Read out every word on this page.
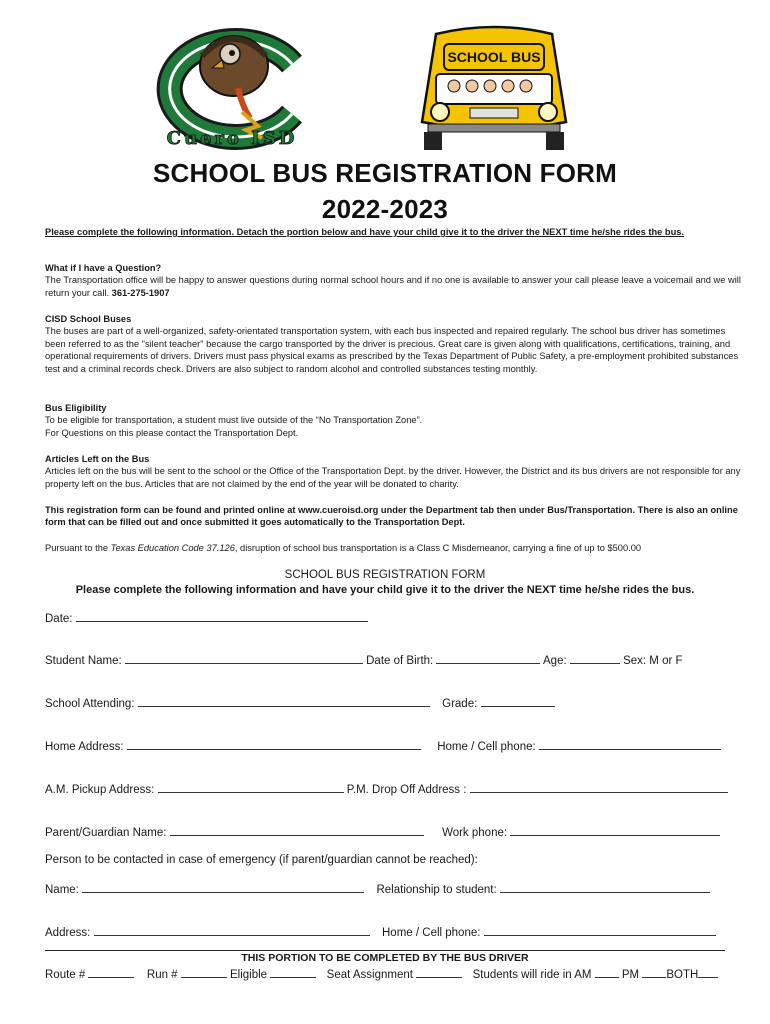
Cuero ISD
SCHOOL BUS
SCHOOL BUS REGISTRATION FORM
2022-2023
Please complete the following information. Detach the portion below and have your child give it to the driver the NEXT time he/she rides the bus.
What if I have a Question?
The Transportation office will be happy to answer questions during normal school hours and if no one is available to answer your call please leave a voicemail and we will return your call. 361-275-1907
CISD School Buses
The buses are part of a well-organized, safety-orientated transportation system, with each bus inspected and repaired regularly. The school bus driver has sometimes been referred to as the "silent teacher" because the cargo transported by the driver is precious. Great care is given along with qualifications, certifications, training, and operational requirements of drivers. Drivers must pass physical exams as prescribed by the Texas Department of Public Safety, a pre-employment prohibited substances test and a criminal records check. Drivers are also subject to random alcohol and controlled substances testing monthly.
Bus Eligibility
To be eligible for transportation, a student must live outside of the “No Transportation Zone”.
For Questions on this please contact the Transportation Dept.
Articles Left on the Bus
Articles left on the bus will be sent to the school or the Office of the Transportation Dept. by the driver. However, the District and its bus drivers are not responsible for any property left on the bus. Articles that are not claimed by the end of the year will be donated to charity.
This registration form can be found and printed online at www.cueroisd.org under the Department tab then under Bus/Transportation. There is also an online form that can be filled out and once submitted it goes automatically to the Transportation Dept.
Pursuant to the Texas Education Code 37.126, disruption of school bus transportation is a Class C Misdemeanor, carrying a fine of up to $500.00
SCHOOL BUS REGISTRATION FORM
Please complete the following information and have your child give it to the driver the NEXT time he/she rides the bus.
Date:
Student Name:	Date of Birth:	Age:	Sex: M or F
School Attending:	Grade:
Home Address:	Home / Cell phone:
A.M. Pickup Address:	P.M. Drop Off Address :
Parent/Guardian Name:	Work phone:
Person to be contacted in case of emergency (if parent/guardian cannot be reached):
Name:	Relationship to student:
Address:	Home / Cell phone:
THIS PORTION TO BE COMPLETED BY THE BUS DRIVER
Route #	Run #	Eligible	Seat Assignment	Students will ride in AM	PM BOTH
